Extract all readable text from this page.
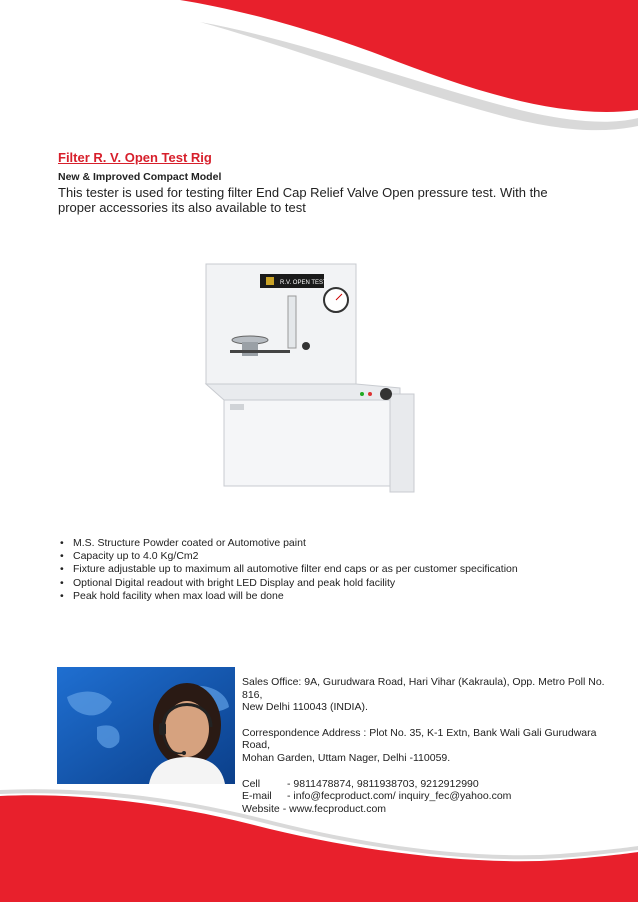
Filter R. V. Open Test Rig
New & Improved Compact Model
This tester is used for testing filter End Cap Relief Valve Open pressure test. With the proper accessories its also available to test
R.V. OPEN TEST
• M.S. Structure Powder coated or Automotive paint
• Capacity up to 4.0 Kg/Cm2
• Fixture adjustable up to maximum all automotive filter end caps or as per customer specification
• Optional Digital readout with bright LED Display and peak hold facility
• Peak hold facility when max load will be done

Sales Office: 9A, Gurudwara Road, Hari Vihar (Kakraula), Opp. Metro Poll No. 816,

New Delhi 110043 (INDIA).

Correspondence Address : Plot No. 35, K-1 Extn, Bank Wali Gali Gurudwara Road,

Mohan Garden, Uttam Nager, Delhi -110059.

Cell	- 9811478874, 9811938703, 9212912990
E-mail	- info@fecproduct.com/ inquiry_fec@yahoo.com
Website - www.fecproduct.com
